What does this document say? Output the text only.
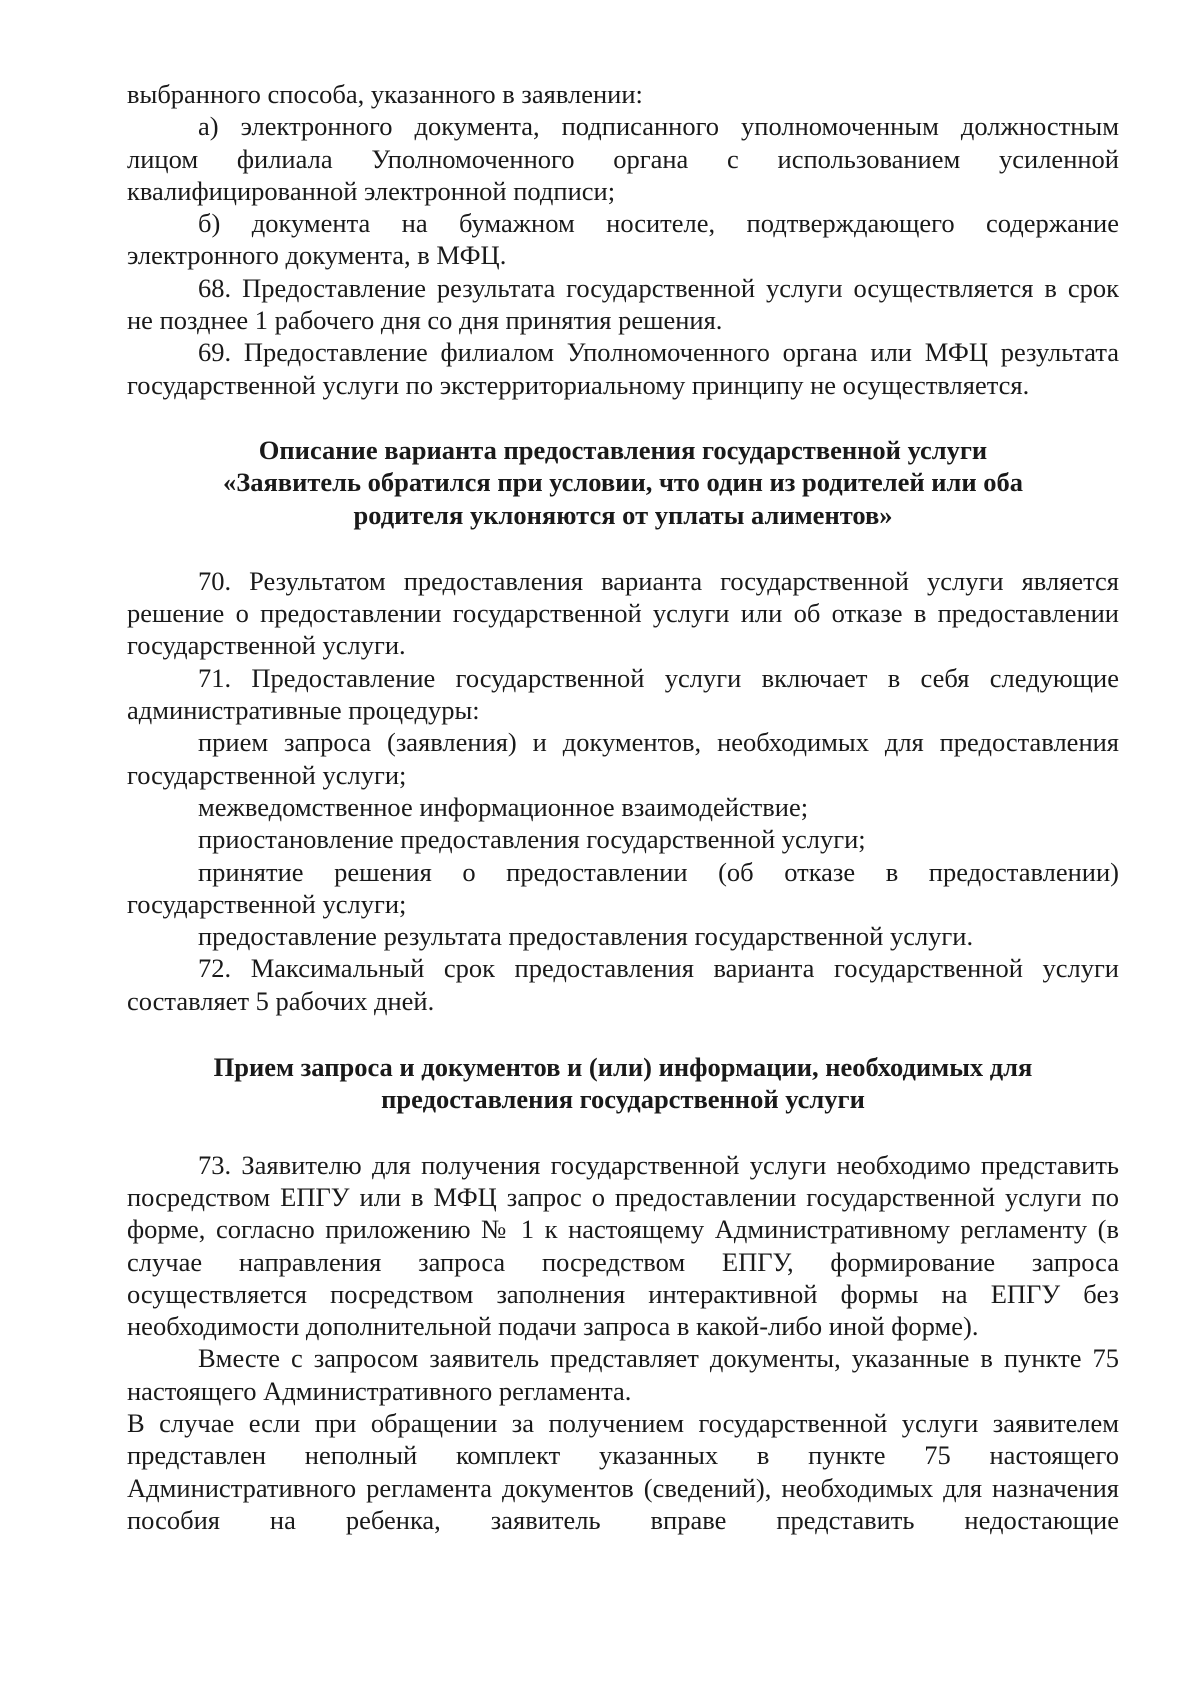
выбранного способа, указанного в заявлении:

а) электронного документа, подписанного уполномоченным должностным лицом филиала Уполномоченного органа с использованием усиленной квалифицированной электронной подписи;

б) документа на бумажном носителе, подтверждающего содержание электронного документа, в МФЦ.

68. Предоставление результата государственной услуги осуществляется в срок не позднее 1 рабочего дня со дня принятия решения.

69. Предоставление филиалом Уполномоченного органа или МФЦ результата государственной услуги по экстерриториальному принципу не осуществляется.

Описание варианта предоставления государственной услуги
«Заявитель обратился при условии, что один из родителей или оба
родителя уклоняются от уплаты алиментов»

70. Результатом предоставления варианта государственной услуги является решение о предоставлении государственной услуги или об отказе в предоставлении государственной услуги.

71. Предоставление государственной услуги включает в себя следующие административные процедуры:

прием запроса (заявления) и документов, необходимых для предоставления государственной услуги;

межведомственное информационное взаимодействие;

приостановление предоставления государственной услуги;

принятие решения о предоставлении (об отказе в предоставлении) государственной услуги;

предоставление результата предоставления государственной услуги.

72. Максимальный срок предоставления варианта государственной услуги составляет 5 рабочих дней.

Прием запроса и документов и (или) информации, необходимых для
предоставления государственной услуги

73. Заявителю для получения государственной услуги необходимо представить посредством ЕПГУ или в МФЦ запрос о предоставлении государственной услуги по форме, согласно приложению № 1 к настоящему Административному регламенту (в случае направления запроса посредством ЕПГУ, формирование запроса осуществляется посредством заполнения интерактивной формы на ЕПГУ без необходимости дополнительной подачи запроса в какой-либо иной форме).

Вместе с запросом заявитель представляет документы, указанные в пункте 75 настоящего Административного регламента.

В случае если при обращении за получением государственной услуги заявителем представлен неполный комплект указанных в пункте 75 настоящего Административного регламента документов (сведений), необходимых для назначения пособия на ребенка, заявитель вправе представить недостающие
